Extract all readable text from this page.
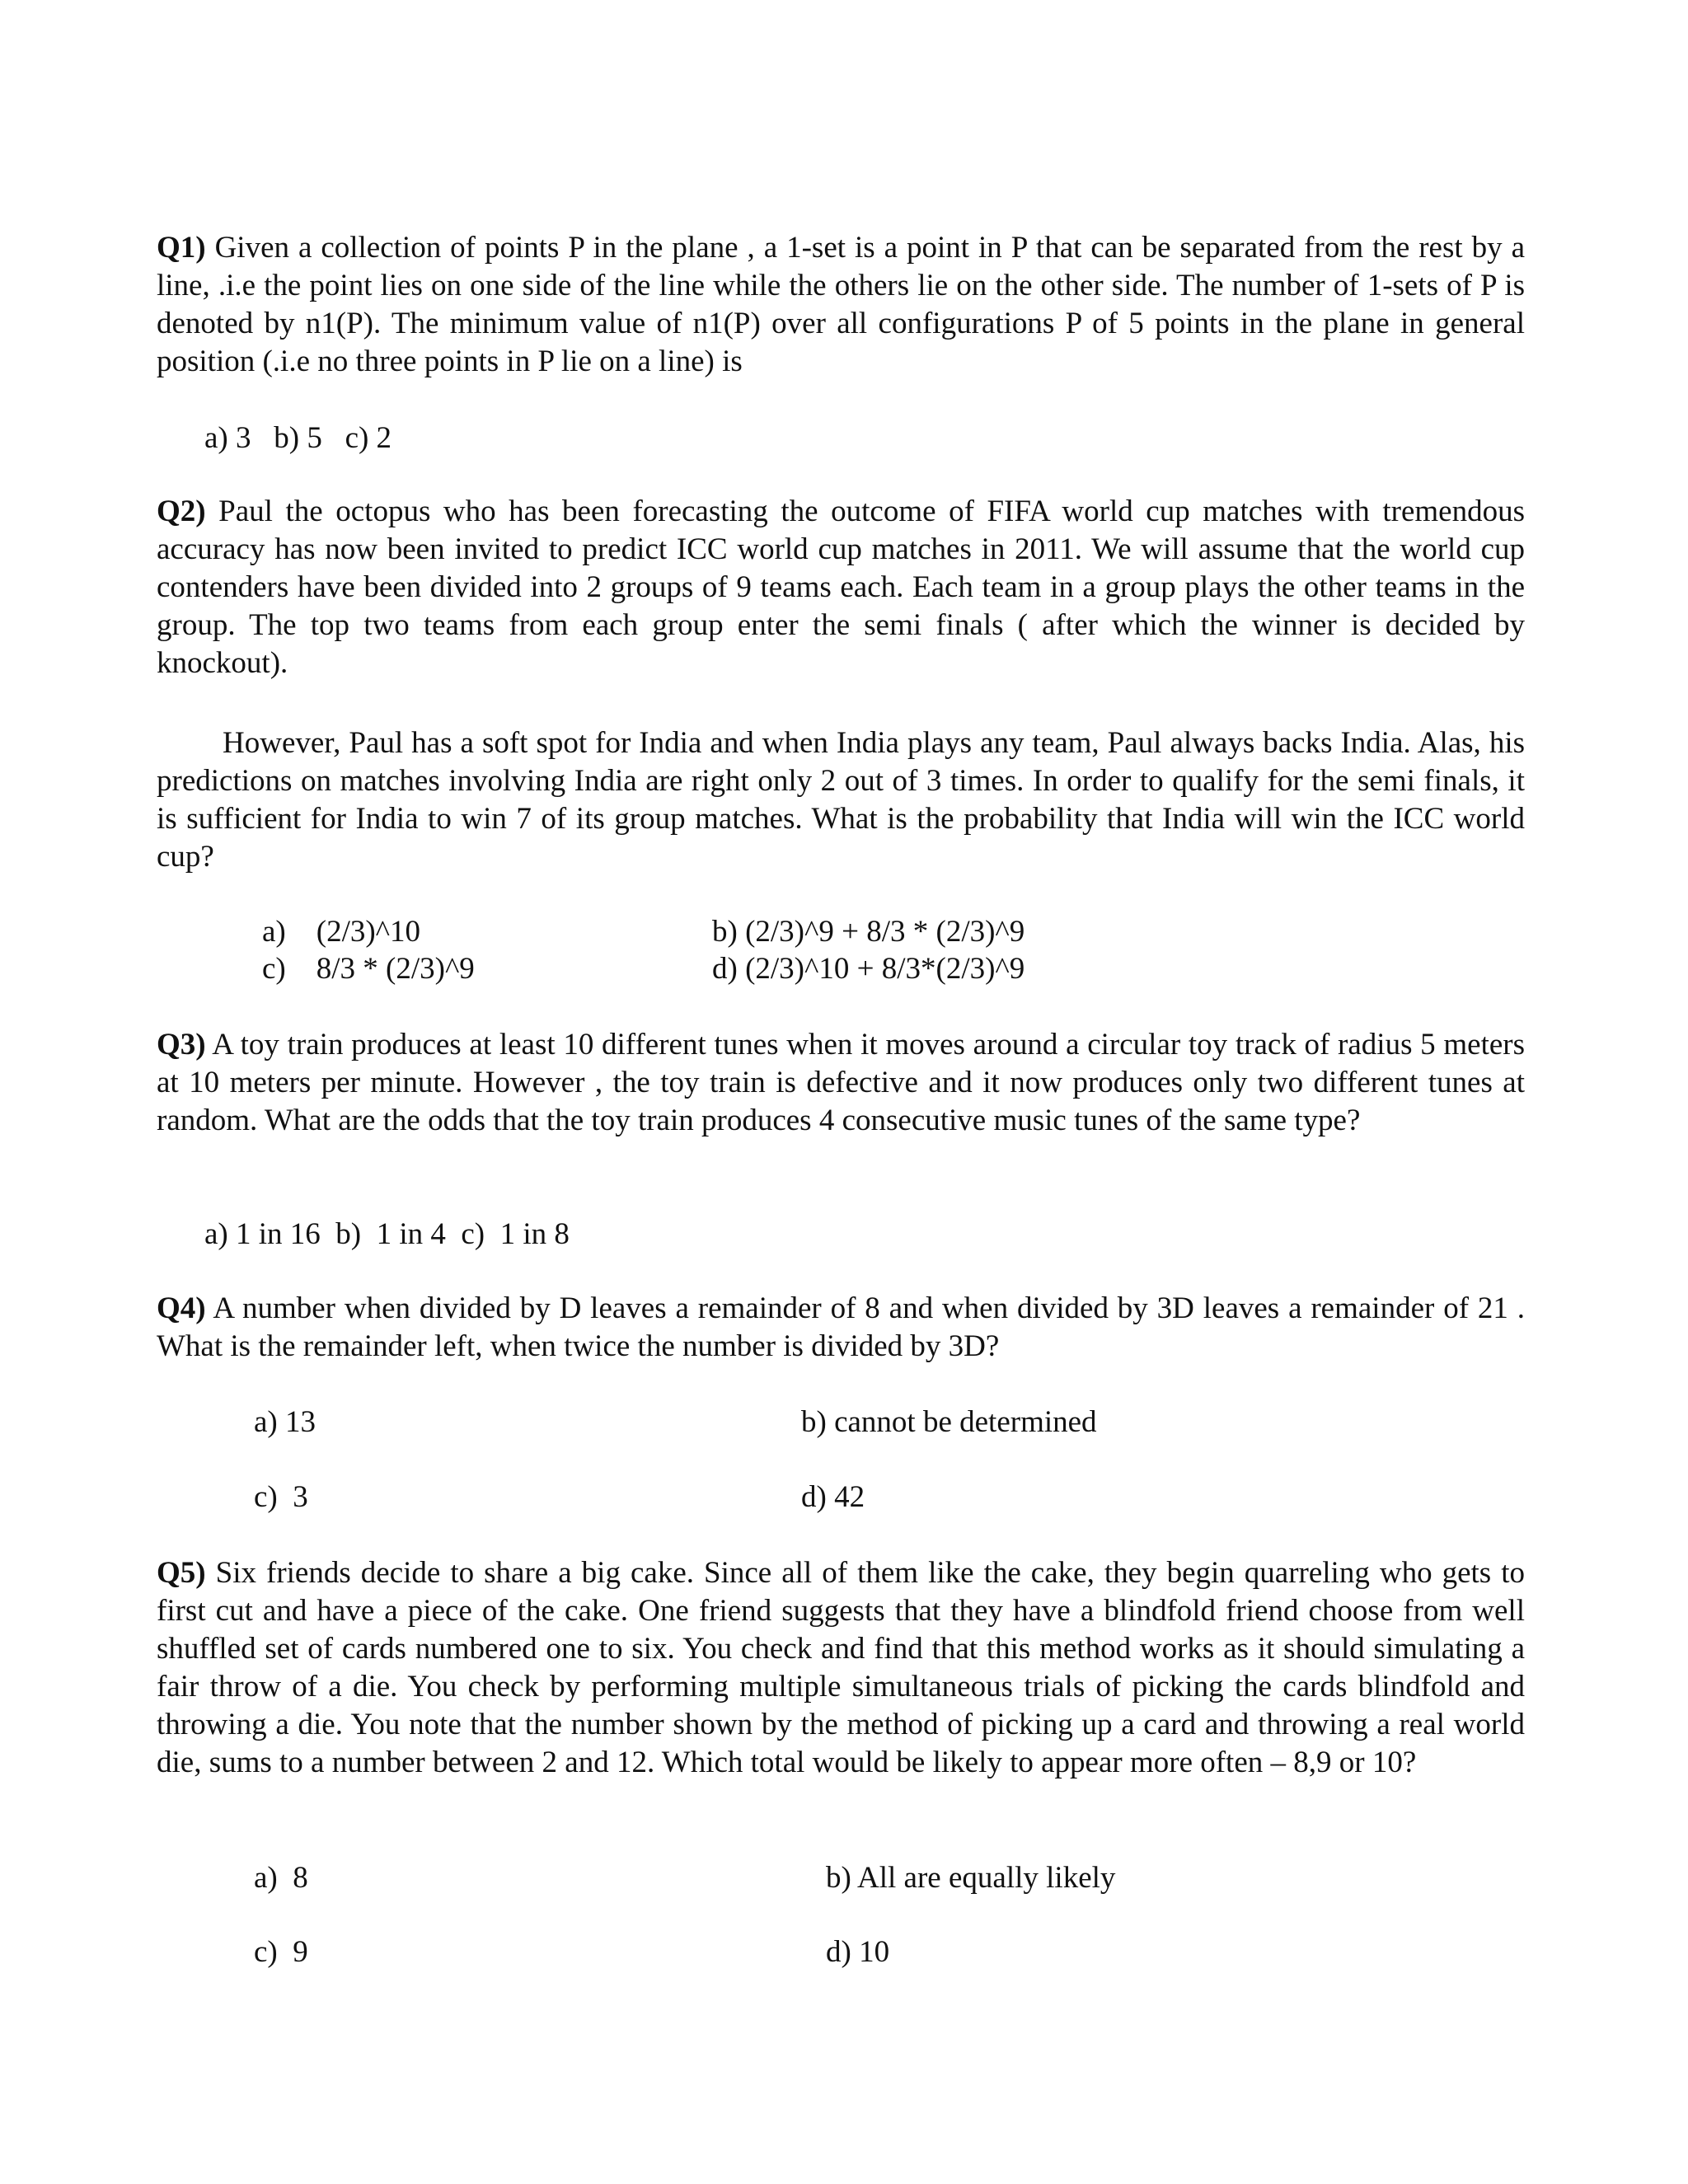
Q1) Given a collection of points P in the plane , a 1-set is a point in P that can be separated from the rest by a line, .i.e the point lies on one side of the line while the others lie on the other side. The number of 1-sets of P is denoted by n1(P). The minimum value of n1(P) over all configurations P of 5 points in the plane in general position (.i.e no three points in P lie on a line) is

a) 3   b) 5   c) 2

Q2) Paul the octopus who has been forecasting the outcome of FIFA world cup matches with tremendous accuracy has now been invited to predict ICC world cup matches in 2011. We will assume that the world cup contenders have been divided into 2 groups of 9 teams each. Each team in a group plays the other teams in the group. The top two teams from each group enter the semi finals ( after which the winner is decided by knockout).

However, Paul has a soft spot for India and when India plays any team, Paul always backs India. Alas, his predictions on matches involving India are right only 2 out of 3 times. In order to qualify for the semi finals, it is sufficient for India to win 7 of its group matches. What is the probability that India will win the ICC world cup?

a)    (2/3)^10	b) (2/3)^9 + 8/3 * (2/3)^9
c)    8/3 * (2/3)^9	d) (2/3)^10 + 8/3*(2/3)^9

Q3) A toy train produces at least 10 different tunes when it moves around a circular toy track of radius 5 meters at 10 meters per minute. However , the toy train is defective and it now produces only two different tunes at random. What are the odds that the toy train produces 4 consecutive music tunes of the same type?

a) 1 in 16  b)  1 in 4  c)  1 in 8

Q4) A number when divided by D leaves a remainder of 8 and when divided by 3D leaves a remainder of 21 . What is the remainder left, when twice the number is divided by 3D?

a) 13	b) cannot be determined
c)  3	d) 42

Q5) Six friends decide to share a big cake. Since all of them like the cake, they begin quarreling who gets to first cut and have a piece of the cake. One friend suggests that they have a blindfold friend choose from well shuffled set of cards numbered one to six. You check and find that this method works as it should simulating a fair throw of a die. You check by performing multiple simultaneous trials of picking the cards blindfold and throwing a die. You note that the number shown by the method of picking up a card and throwing a real world die, sums to a number between 2 and 12. Which total would be likely to appear more often – 8,9 or 10?

a)  8	b) All are equally likely
c)  9	d) 10
